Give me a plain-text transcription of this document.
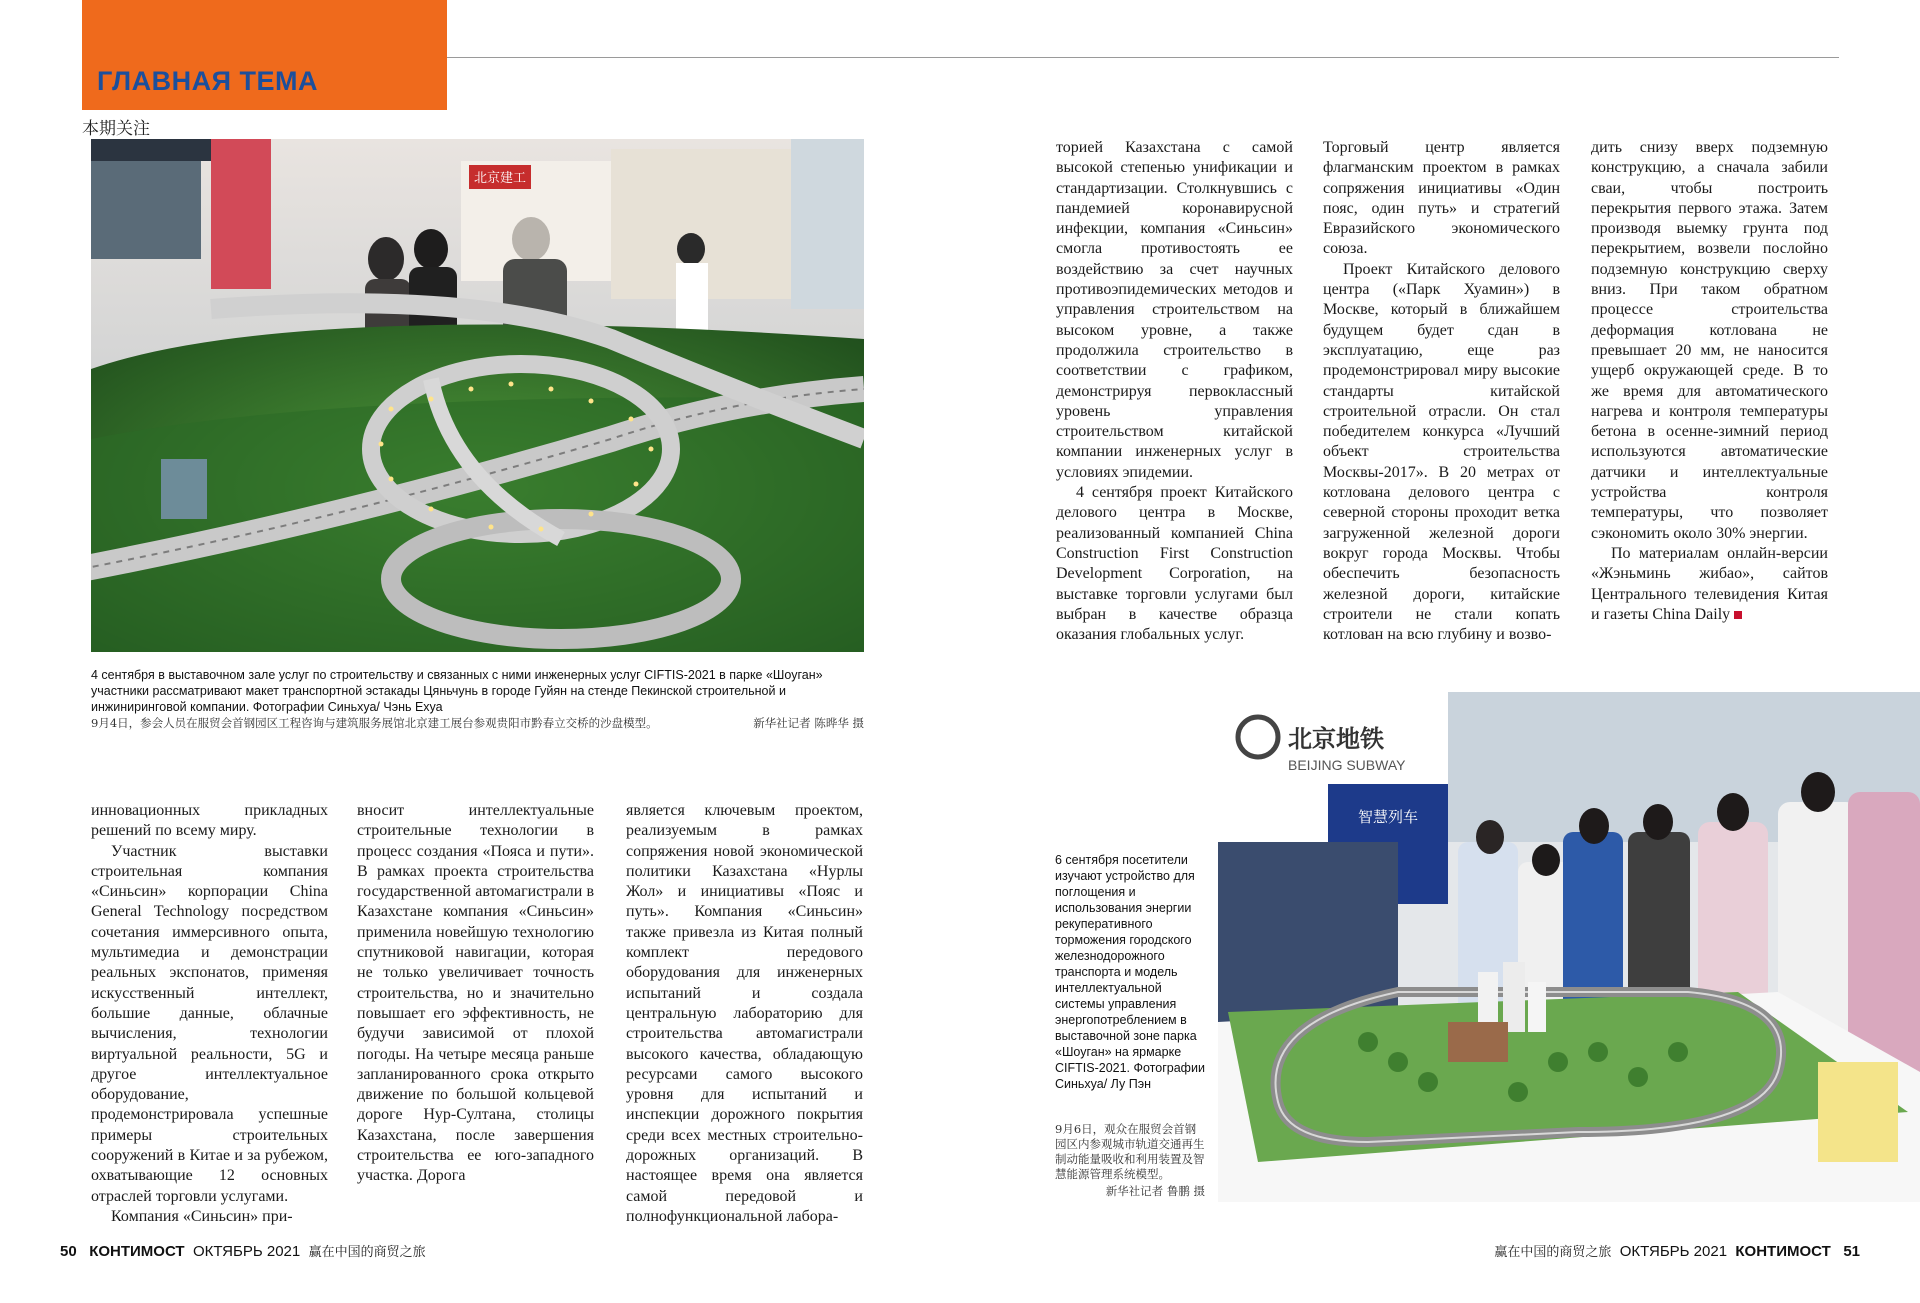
ГЛАВНАЯ ТЕМА
本期关注
北京建工
4 сентября в выставочном зале услуг по строительству и связанных с ними инженерных услуг CIFTIS-2021 в парке «Шоуган» участники рассматривают макет транспортной эстакады Цяньчунь в городе Гуйян на стенде Пекинской строительной и инжиниринговой компании. Фотографии Синьхуа/ Чэнь Ехуа
9月4日，参会人员在服贸会首钢园区工程咨询与建筑服务展馆北京建工展台参观贵阳市黔春立交桥的沙盘模型。	新华社记者 陈晔华 摄

торией Казахстана с самой высокой степенью унификации и стандартизации. Столкнувшись с пандемией коронавирусной инфекции, компания «Синьсин» смогла противостоять ее воздействию за счет научных противоэпидемических методов и управления строительством на высоком уровне, а также продолжила строительство в соответствии с графиком, демонстрируя первоклассный уровень управления строительством китайской компании инженерных услуг в условиях эпидемии.

4 сентября проект Китайского делового центра в Москве, реализованный компанией China Construction First Construction Development Corporation, на выставке торговли услугами был выбран в качестве образца оказания глобальных услуг.

Торговый центр является флагманским проектом в рамках сопряжения инициативы «Один пояс, один путь» и стратегий Евразийского экономического союза.

Проект Китайского делового центра («Парк Хуамин») в Москве, который в ближайшем будущем будет сдан в эксплуатацию, еще раз продемонстрировал миру высокие стандарты китайской строительной отрасли. Он стал победителем конкурса «Лучший объект строительства Москвы-2017». В 20 метрах от котлована делового центра с северной стороны проходит ветка загруженной железной дороги вокруг города Москвы. Чтобы обеспечить безопасность железной дороги, китайские строители не стали копать котлован на всю глубину и возво-

дить снизу вверх подземную конструкцию, а сначала забили сваи, чтобы построить перекрытия первого этажа. Затем производя выемку грунта под перекрытием, возвели послойно подземную конструкцию сверху вниз. При таком обратном процессе строительства деформация котлована не превышает 20 мм, не наносится ущерб окружающей среде. В то же время для автоматического нагрева и контроля температуры бетона в осенне-зимний период используются автоматические датчики и интеллектуальные устройства контроля температуры, что позволяет сэкономить около 30% энергии.

По материалам онлайн-версии «Жэньминь жибао», сайтов Центрального телевидения Китая и газеты China Daily

北京地铁
BEIJING SUBWAY
智慧列车
6 сентября посетители изучают устройство для поглощения и использования энергии рекуперативного торможения городского железнодорожного транспорта и модель интеллектуальной системы управления энергопотреблением в выставочной зоне парка «Шоуган» на ярмарке CIFTIS-2021. Фотографии Синьхуа/ Лу Пэн
9月6日，观众在服贸会首钢园区内参观城市轨道交通再生制动能量吸收和利用装置及智慧能源管理系统模型。
新华社记者 鲁鹏 摄

инновационных прикладных решений по всему миру.

Участник выставки строительная компания «Синьсин» корпорации China General Technology посредством сочетания иммерсивного опыта, мультимедиа и демонстрации реальных экспонатов, применяя искусственный интеллект, большие данные, облачные вычисления, технологии виртуальной реальности, 5G и другое интеллектуальное оборудование, продемонстрировала успешные примеры строительных сооружений в Китае и за рубежом, охватывающие 12 основных отраслей торговли услугами.

Компания «Синьсин» при-

вносит интеллектуальные строительные технологии в процесс создания «Пояса и пути». В рамках проекта строительства государственной автомагистрали в Казахстане компания «Синьсин» применила новейшую технологию спутниковой навигации, которая не только увеличивает точность строительства, но и значительно повышает его эффективность, не будучи зависимой от плохой погоды. На четыре месяца раньше запланированного срока открыто движение по большой кольцевой дороге Нур-Султана, столицы Казахстана, после завершения строительства ее юго-западного участка. Дорога

является ключевым проектом, реализуемым в рамках сопряжения новой экономической политики Казахстана «Нурлы Жол» и инициативы «Пояс и путь». Компания «Синьсин» также привезла из Китая полный комплект передового оборудования для инженерных испытаний и создала центральную лабораторию для строительства автомагистрали высокого качества, обладающую ресурсами самого высокого уровня для испытаний и инспекции дорожного покрытия среди всех местных строительно-дорожных организаций. В настоящее время она является самой передовой и полнофункциональной лабора-

50 КОНТИМОСТ ОКТЯБРЬ 2021 赢在中国的商贸之旅	赢在中国的商贸之旅 ОКТЯБРЬ 2021 КОНТИМОСТ 51
